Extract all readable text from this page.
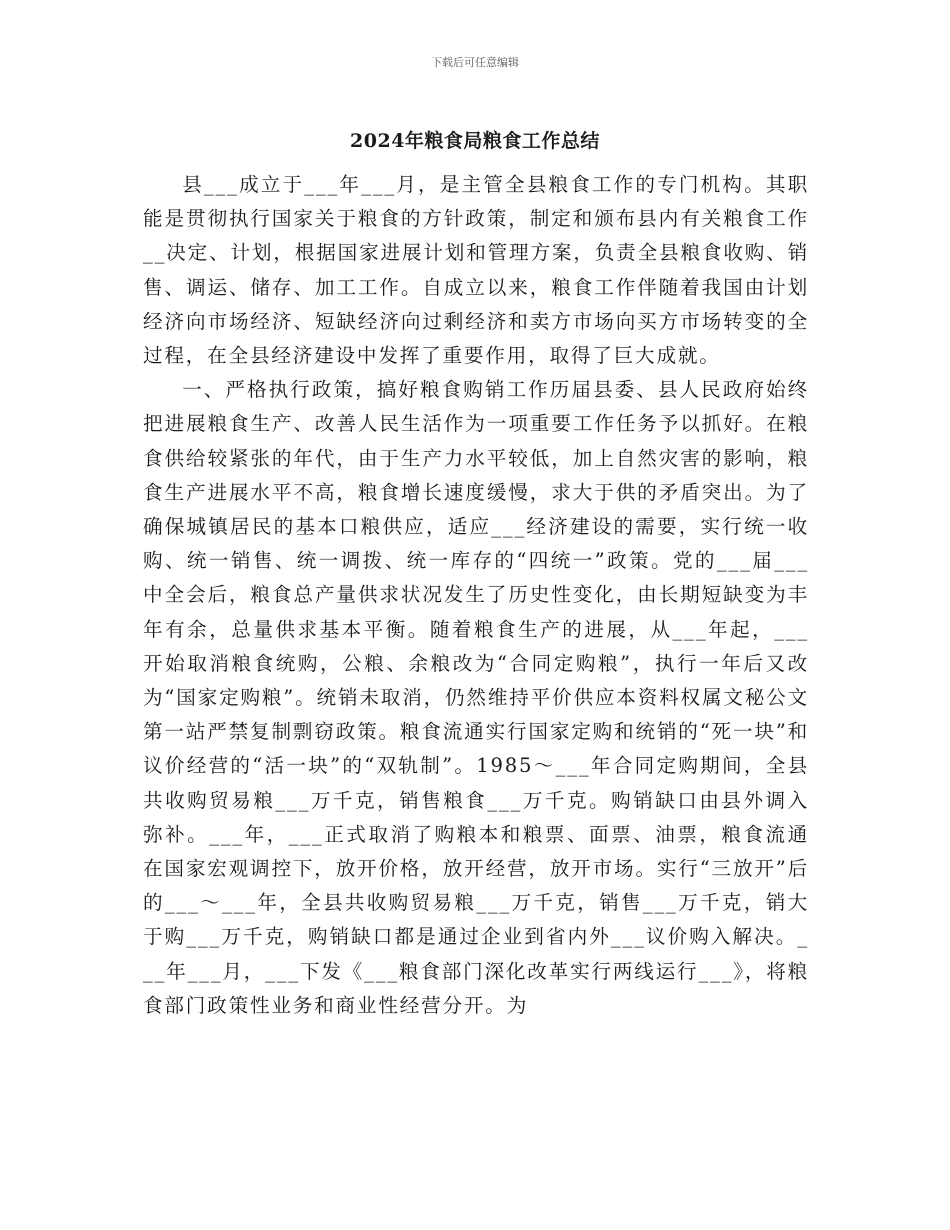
下载后可任意编辑
2024年粮食局粮食工作总结

县___成立于___年___月，是主管全县粮食工作的专门机构。其职能是贯彻执行国家关于粮食的方针政策，制定和颁布县内有关粮食工作__决定、计划，根据国家进展计划和管理方案，负责全县粮食收购、销售、调运、储存、加工工作。自成立以来，粮食工作伴随着我国由计划经济向市场经济、短缺经济向过剩经济和卖方市场向买方市场转变的全过程，在全县经济建设中发挥了重要作用，取得了巨大成就。

一、严格执行政策，搞好粮食购销工作历届县委、县人民政府始终把进展粮食生产、改善人民生活作为一项重要工作任务予以抓好。在粮食供给较紧张的年代，由于生产力水平较低，加上自然灾害的影响，粮食生产进展水平不高，粮食增长速度缓慢，求大于供的矛盾突出。为了确保城镇居民的基本口粮供应，适应___经济建设的需要，实行统一收购、统一销售、统一调拨、统一库存的“四统一”政策。党的___届___中全会后，粮食总产量供求状况发生了历史性变化，由长期短缺变为丰年有余，总量供求基本平衡。随着粮食生产的进展，从___年起，___开始取消粮食统购，公粮、余粮改为“合同定购粮”，执行一年后又改为“国家定购粮”。统销未取消，仍然维持平价供应本资料权属文秘公文第一站严禁复制剽窃政策。粮食流通实行国家定购和统销的“死一块”和议价经营的“活一块”的“双轨制”。1985～___年合同定购期间，全县共收购贸易粮___万千克，销售粮食___万千克。购销缺口由县外调入弥补。___年，___正式取消了购粮本和粮票、面票、油票，粮食流通在国家宏观调控下，放开价格，放开经营，放开市场。实行“三放开”后的___～___年，全县共收购贸易粮___万千克，销售___万千克，销大于购___万千克，购销缺口都是通过企业到省内外___议价购入解决。___年___月，___下发《___粮食部门深化改革实行两线运行___》，将粮食部门政策性业务和商业性经营分开。为
